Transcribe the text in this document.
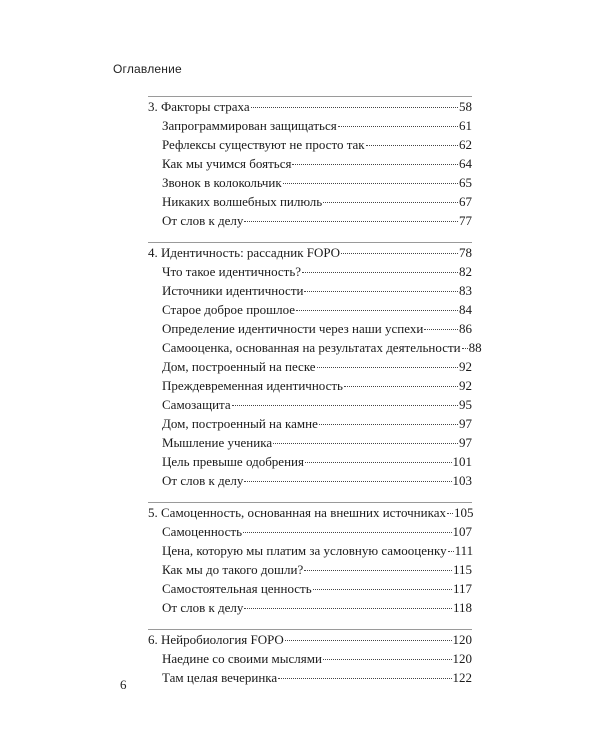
Оглавление
3. Факторы страха	58
Запрограммирован защищаться	61
Рефлексы существуют не просто так	62
Как мы учимся бояться	64
Звонок в колокольчик	65
Никаких волшебных пилюль	67
От слов к делу	77
4. Идентичность: рассадник FOPO	78
Что такое идентичность?	82
Источники идентичности	83
Старое доброе прошлое	84
Определение идентичности через наши успехи	86
Самооценка, основанная на результатах деятельности 88
Дом, построенный на песке	92
Преждевременная идентичность	92
Самозащита	95
Дом, построенный на камне	97
Мышление ученика	97
Цель превыше одобрения	101
От слов к делу	103
5. Самоценность, основанная на внешних источниках 105
Самоценность	107
Цена, которую мы платим за условную самооценку 111
Как мы до такого дошли?	115
Самостоятельная ценность	117
От слов к делу	118
6. Нейробиология FOPO	120
Наедине со своими мыслями	120
Там целая вечеринка	122
6
